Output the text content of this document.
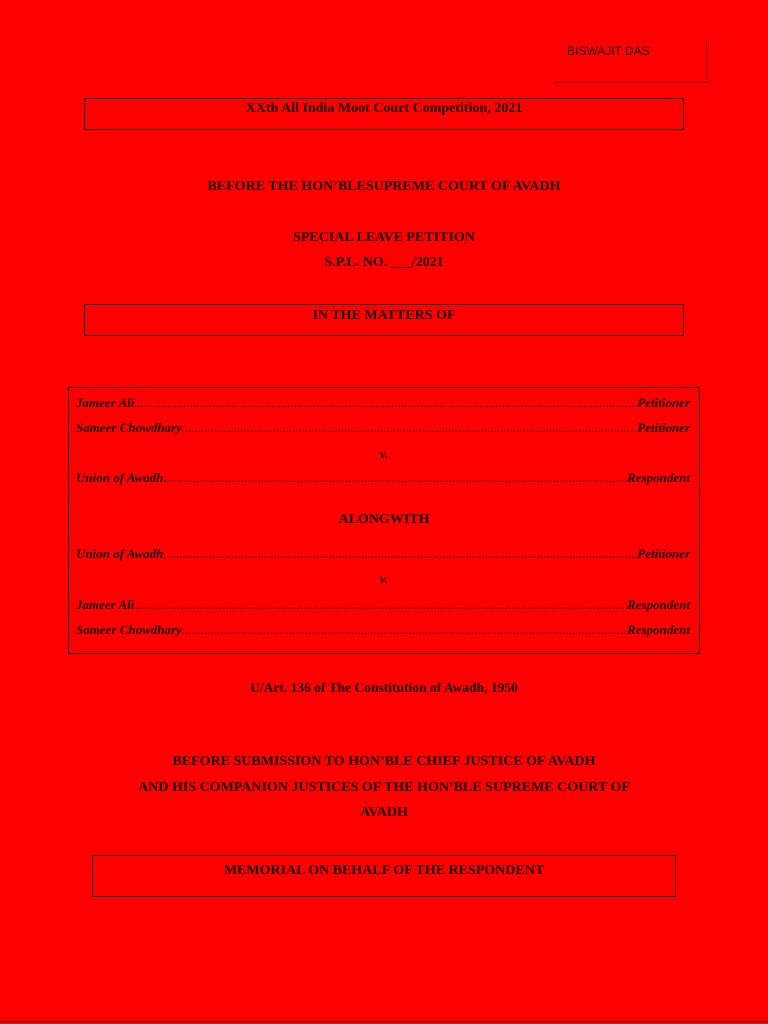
BISWAJIT DAS
XXth All India Moot Court Competition, 2021
BEFORE THE HON’BLESUPREME COURT OF AVADH
SPECIAL LEAVE PETITION
S.P.L. NO. ___/2021
IN THE MATTERS OF
Jameer Ali .....	Petitioner
Sameer Chowdhary .....	Petitioner
v.
Union of Awadh .....	Respondent
ALONGWITH
Union of Awadh .....	Petitioner
v.
Jameer Ali .....	Respondent
Sameer Chowdhary .....	Respondent
U/Art. 136 of The Constitution of Awadh, 1950
BEFORE SUBMISSION TO HON’BLE CHIEF JUSTICE OF AVADH
AND HIS COMPANION JUSTICES OF THE HON’BLE SUPREME COURT OF
AVADH
MEMORIAL ON BEHALF OF THE RESPONDENT
